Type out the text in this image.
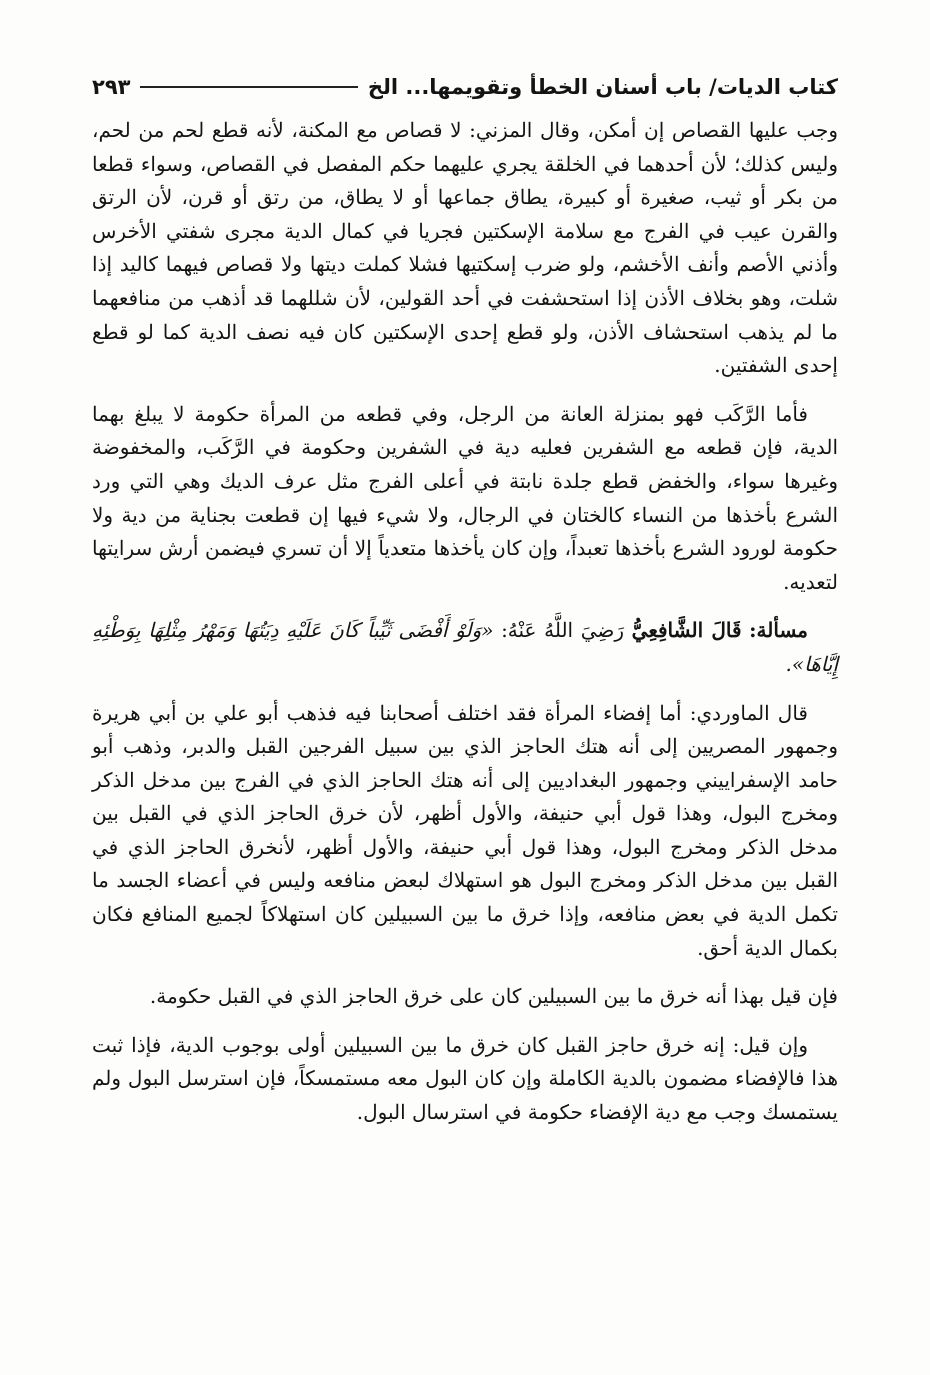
كتاب الديات/ باب أسنان الخطأ وتقويمها... الخ
٢٩٣

وجب عليها القصاص إن أمكن، وقال المزني: لا قصاص مع المكنة، لأنه قطع لحم من لحم، وليس كذلك؛ لأن أحدهما في الخلقة يجري عليهما حكم المفصل في القصاص، وسواء قطعا من بكر أو ثيب، صغيرة أو كبيرة، يطاق جماعها أو لا يطاق، من رتق أو قرن، لأن الرتق والقرن عيب في الفرج مع سلامة الإسكتين فجريا في كمال الدية مجرى شفتي الأخرس وأذني الأصم وأنف الأخشم، ولو ضرب إسكتيها فشلا كملت ديتها ولا قصاص فيهما كاليد إذا شلت، وهو بخلاف الأذن إذا استحشفت في أحد القولين، لأن شللهما قد أذهب من منافعهما ما لم يذهب استحشاف الأذن، ولو قطع إحدى الإسكتين كان فيه نصف الدية كما لو قطع إحدى الشفتين.

فأما الرَّكَب فهو بمنزلة العانة من الرجل، وفي قطعه من المرأة حكومة لا يبلغ بهما الدية، فإن قطعه مع الشفرين فعليه دية في الشفرين وحكومة في الرَّكَب، والمخفوضة وغيرها سواء، والخفض قطع جلدة نابتة في أعلى الفرج مثل عرف الديك وهي التي ورد الشرع بأخذها من النساء كالختان في الرجال، ولا شيء فيها إن قطعت بجناية من دية ولا حكومة لورود الشرع بأخذها تعبداً، وإن كان يأخذها متعدياً إلا أن تسري فيضمن أرش سرايتها لتعديه.

مسألة: قَالَ الشَّافِعِيُّ رَضِيَ اللَّهُ عَنْهُ: «وَلَوْ أَفْضَى ثَيِّباً كَانَ عَلَيْهِ دِيَتُهَا وَمَهْرُ مِثْلِهَا بِوَطْئِهِ إِيَّاهَا».

قال الماوردي: أما إفضاء المرأة فقد اختلف أصحابنا فيه فذهب أبو علي بن أبي هريرة وجمهور المصريين إلى أنه هتك الحاجز الذي بين سبيل الفرجين القبل والدبر، وذهب أبو حامد الإسفراييني وجمهور البغداديين إلى أنه هتك الحاجز الذي في الفرج بين مدخل الذكر ومخرج البول، وهذا قول أبي حنيفة، والأول أظهر، لأن خرق الحاجز الذي في القبل بين مدخل الذكر ومخرج البول، وهذا قول أبي حنيفة، والأول أظهر، لأنخرق الحاجز الذي في القبل بين مدخل الذكر ومخرج البول هو استهلاك لبعض منافعه وليس في أعضاء الجسد ما تكمل الدية في بعض منافعه، وإذا خرق ما بين السبيلين كان استهلاكاً لجميع المنافع فكان بكمال الدية أحق.

فإن قيل بهذا أنه خرق ما بين السبيلين كان على خرق الحاجز الذي في القبل حكومة.

وإن قيل: إنه خرق حاجز القبل كان خرق ما بين السبيلين أولى بوجوب الدية، فإذا ثبت هذا فالإفضاء مضمون بالدية الكاملة وإن كان البول معه مستمسكاً، فإن استرسل البول ولم يستمسك وجب مع دية الإفضاء حكومة في استرسال البول.
